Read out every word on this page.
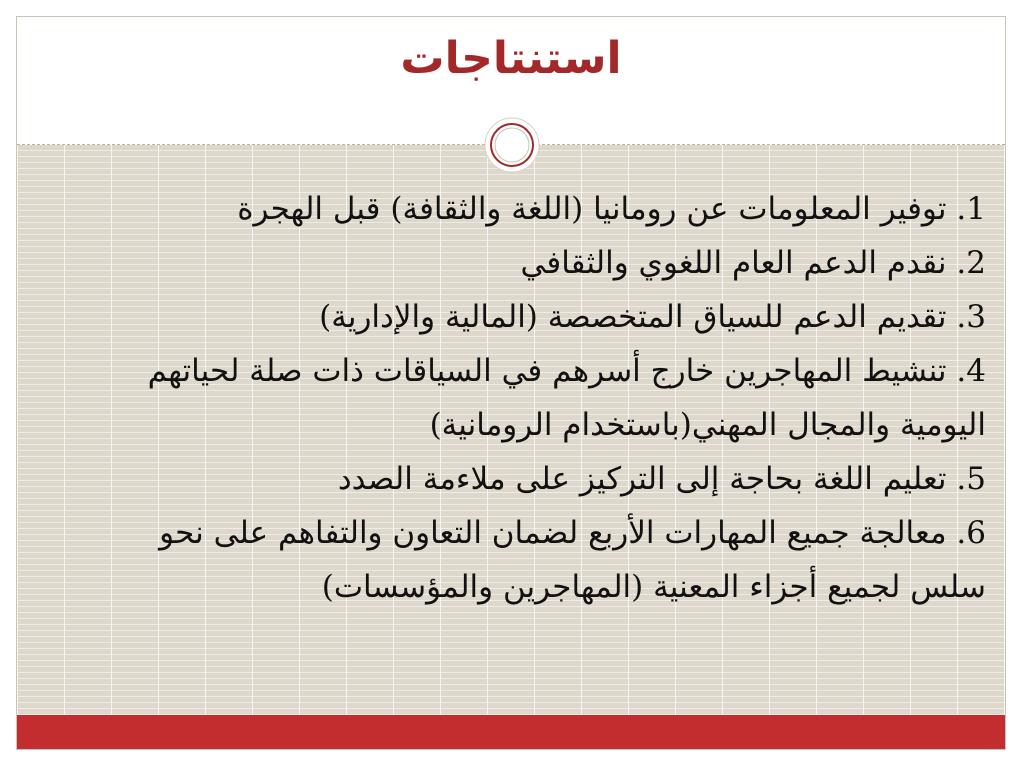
استنتاجات

1. توفير المعلومات عن رومانيا (اللغة والثقافة) قبل الهجرة

2. نقدم الدعم العام اللغوي والثقافي

3. تقديم الدعم للسياق المتخصصة (المالية والإدارية)

4. تنشيط المهاجرين خارج أسرهم في السياقات ذات صلة لحياتهم اليومية والمجال المهني(باستخدام الرومانية)

5. تعليم اللغة بحاجة إلى التركيز على ملاءمة الصدد

6. معالجة جميع المهارات الأربع لضمان التعاون والتفاهم على نحو سلس لجميع أجزاء المعنية (المهاجرين والمؤسسات)
